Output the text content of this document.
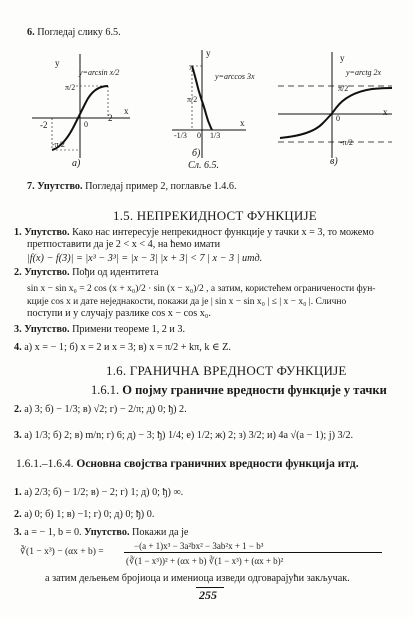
6. Погледај слику 6.5.
y
y=arcsin x/2
π/2
x
-2	0
2
-π/2
а)
y
π
y=arccos 3x
π/2
x
-1/3 0 1/3
б)
Сл. 6.5.
y
y=arctg 2x
π/2
x
0
-π/2
в)
7. Упутство. Погледај пример 2, поглавље 1.4.6.
1.5. НЕПРЕКИДНОСТ ФУНКЦИЈЕ
1. Упутство. Како нас интересује непрекидност функције у тачки x = 3, то можемо
претпоставити да је 2 < x < 4, на ћемо имати
|f(x) − f(3)| = |x³ − 3³| = |x − 3| |x + 3| < 7 | x − 3 | итд.
2. Упутство. Пођи од идентитета
sin x − sin x₀ = 2 cos (x + x₀)/2 · sin (x − x₀)/2 , а затим, користећем ограничености фун-
кције cos x и дате неједнакости, покажи да је | sin x − sin x₀ | ≤ | x − x₀ |. Слично
поступи и у случају разлике cos x − cos x₀.
3. Упутство. Примени теореме 1, 2 и 3.
4. а) x = − 1; б) x = 2 и x = 3; в) x = π/2 + kπ, k ∈ Z.
1.6. ГРАНИЧНА ВРЕДНОСТ ФУНКЦИЈЕ
1.6.1. О појму граничне вредности функције у тачки
2. а) 3; б) − 1/3; в) √2; г) − 2/π; д) 0; ђ) 2.
3. а) 1/3; б) 2; в) m/n; г) 6; д) − 3; ђ) 1/4; е) 1/2; ж) 2; з) 3/2; и) 4a √(a − 1); ј) 3/2.
1.6.1.–1.6.4. Основна својства граничних вредности функција итд.
1. а) 2/3; б) − 1/2; в) − 2; г) 1; д) 0; ђ) ∞.
2. а) 0; б) 1; в) −1; г) 0; д) 0; ђ) 0.
3. a = − 1, b = 0. Упутство. Покажи да је
∛(1 − x³) − (αx + b) =
−(a + 1)x³ − 3a²bx² − 3ab²x + 1 − b³
(∛(1 − x³))² + (αx + b) ∛(1 − x³) + (αx + b)²
а затим дељењем бројиоца и имениоца изведи одговарајући закључак.
255
